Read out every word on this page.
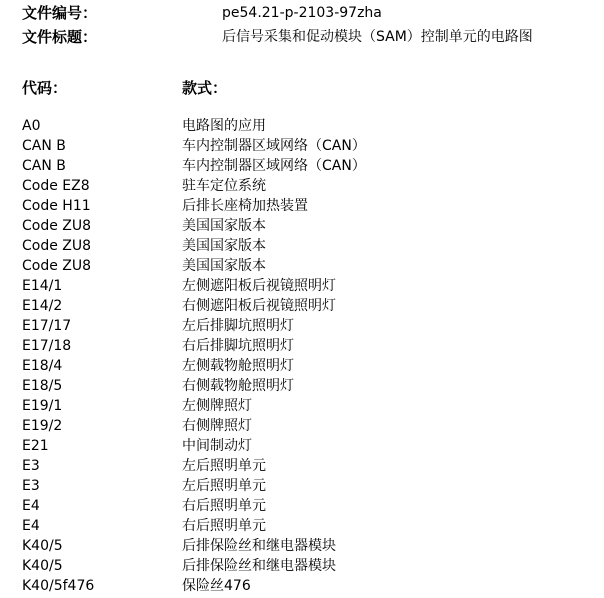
文件编号：	pe54.21-p-2103-97zha
文件标题：	后信号采集和促动模块（SAM）控制单元的电路图
代码：	款式：
A0	电路图的应用
CAN B	车内控制器区域网络（CAN）
CAN B	车内控制器区域网络（CAN）
Code EZ8	驻车定位系统
Code H11	后排长座椅加热装置
Code ZU8	美国国家版本
Code ZU8	美国国家版本
Code ZU8	美国国家版本
E14/1	左侧遮阳板后视镜照明灯
E14/2	右侧遮阳板后视镜照明灯
E17/17	左后排脚坑照明灯
E17/18	右后排脚坑照明灯
E18/4	左侧载物舱照明灯
E18/5	右侧载物舱照明灯
E19/1	左侧牌照灯
E19/2	右侧牌照灯
E21	中间制动灯
E3	左后照明单元
E3	左后照明单元
E4	右后照明单元
E4	右后照明单元
K40/5	后排保险丝和继电器模块
K40/5	后排保险丝和继电器模块
K40/5f476	保险丝476
